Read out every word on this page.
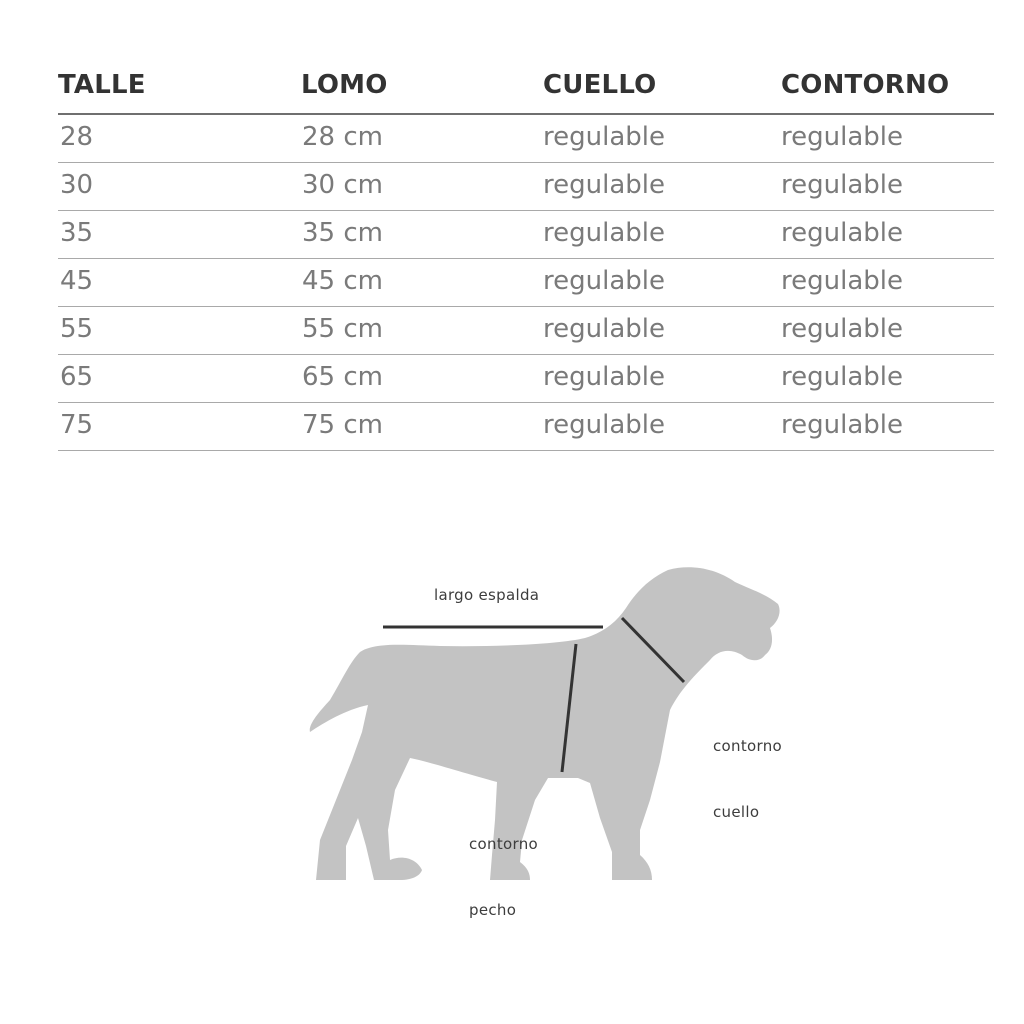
TALLE	LOMO	CUELLO	CONTORNO
28	28 cm	regulable	regulable
30	30 cm	regulable	regulable
35	35 cm	regulable	regulable
45	45 cm	regulable	regulable
55	55 cm	regulable	regulable
65	65 cm	regulable	regulable
75	75 cm	regulable	regulable
largo espalda

contorno

cuello

contorno

pecho
